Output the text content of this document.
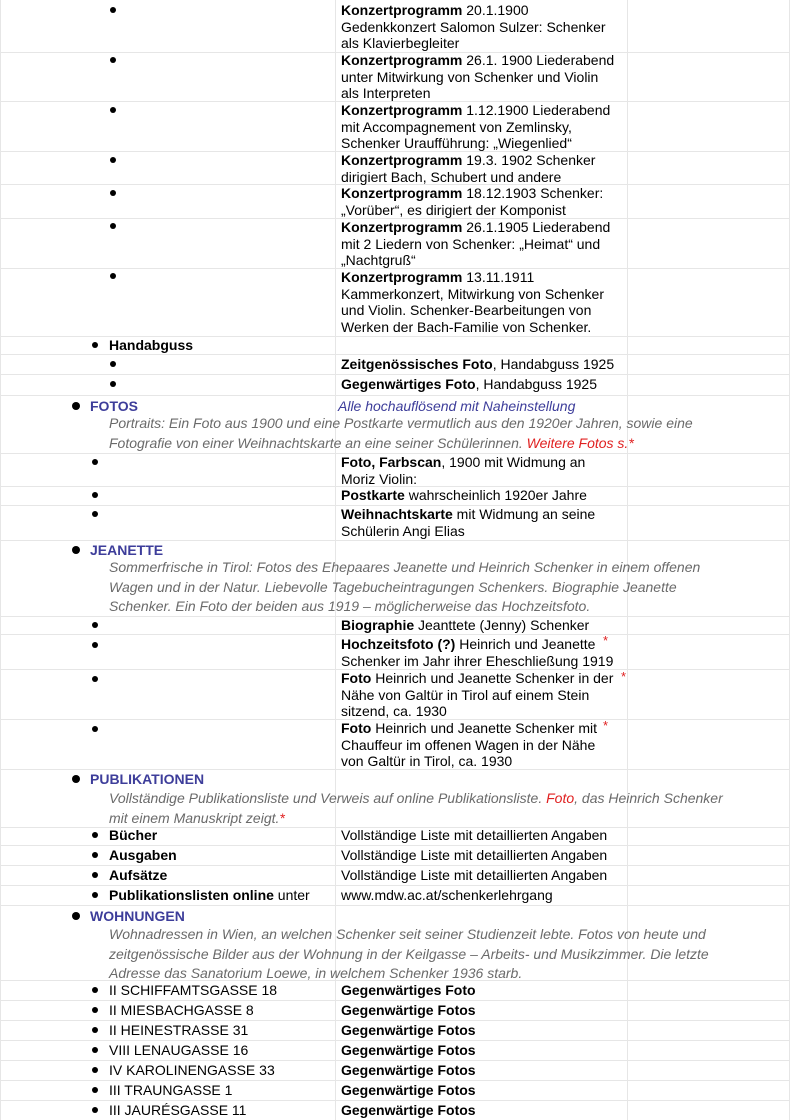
Konzertprogramm 20.1.1900
Gedenkkonzert Salomon Sulzer: Schenker
als Klavierbegleiter
Konzertprogramm 26.1. 1900 Liederabend
unter Mitwirkung von Schenker und Violin
als Interpreten
Konzertprogramm 1.12.1900 Liederabend
mit Accompagnement von Zemlinsky,
Schenker Uraufführung: „Wiegenlied“
Konzertprogramm 19.3. 1902 Schenker
dirigiert Bach, Schubert und andere
Konzertprogramm 18.12.1903 Schenker:
„Vorüber“, es dirigiert der Komponist
Konzertprogramm 26.1.1905 Liederabend
mit 2 Liedern von Schenker: „Heimat“ und
„Nachtgruß“
Konzertprogramm 13.11.1911
Kammerkonzert, Mitwirkung von Schenker
und Violin. Schenker-Bearbeitungen von
Werken der Bach-Familie von Schenker.
Handabguss
Zeitgenössisches Foto, Handabguss 1925
Gegenwärtiges Foto, Handabguss 1925
FOTOS	Alle hochauflösend mit Naheinstellung
Portraits: Ein Foto aus 1900 und eine Postkarte vermutlich aus den 1920er Jahren, sowie eine
Fotografie von einer Weihnachtskarte an eine seiner Schülerinnen. Weitere Fotos s.*
Foto, Farbscan, 1900 mit Widmung an
Moriz Violin:
Postkarte wahrscheinlich 1920er Jahre
Weihnachtskarte mit Widmung an seine
Schülerin Angi Elias
JEANETTE
Sommerfrische in Tirol: Fotos des Ehepaares Jeanette und Heinrich Schenker in einem offenen
Wagen und in der Natur. Liebevolle Tagebucheintragungen Schenkers. Biographie Jeanette
Schenker. Ein Foto der beiden aus 1919 – möglicherweise das Hochzeitsfoto.
Biographie Jeanttete (Jenny) Schenker
Hochzeitsfoto (?) Heinrich und Jeanette
Schenker im Jahr ihrer Eheschließung 1919
*
Foto Heinrich und Jeanette Schenker in der
Nähe von Galtür in Tirol auf einem Stein
sitzend, ca. 1930
*
Foto Heinrich und Jeanette Schenker mit
Chauffeur im offenen Wagen in der Nähe
von Galtür in Tirol, ca. 1930
*
PUBLIKATIONEN
Vollständige Publikationsliste und Verweis auf online Publikationsliste. Foto, das Heinrich Schenker
mit einem Manuskript zeigt.*
Bücher	Vollständige Liste mit detaillierten Angaben
Ausgaben	Vollständige Liste mit detaillierten Angaben
Aufsätze	Vollständige Liste mit detaillierten Angaben
Publikationslisten online unter www.mdw.ac.at/schenkerlehrgang
WOHNUNGEN
Wohnadressen in Wien, an welchen Schenker seit seiner Studienzeit lebte. Fotos von heute und
zeitgenössische Bilder aus der Wohnung in der Keilgasse – Arbeits- und Musikzimmer. Die letzte
Adresse das Sanatorium Loewe, in welchem Schenker 1936 starb.
II SCHIFFAMTSGASSE 18	Gegenwärtiges Foto
II MIESBACHGASSE 8	Gegenwärtige Fotos
II HEINESTRASSE 31	Gegenwärtige Fotos
VIII LENAUGASSE 16	Gegenwärtige Fotos
IV KAROLINENGASSE 33	Gegenwärtige Fotos
III TRAUNGASSE 1	Gegenwärtige Fotos
III JAURÉSGASSE 11	Gegenwärtige Fotos
